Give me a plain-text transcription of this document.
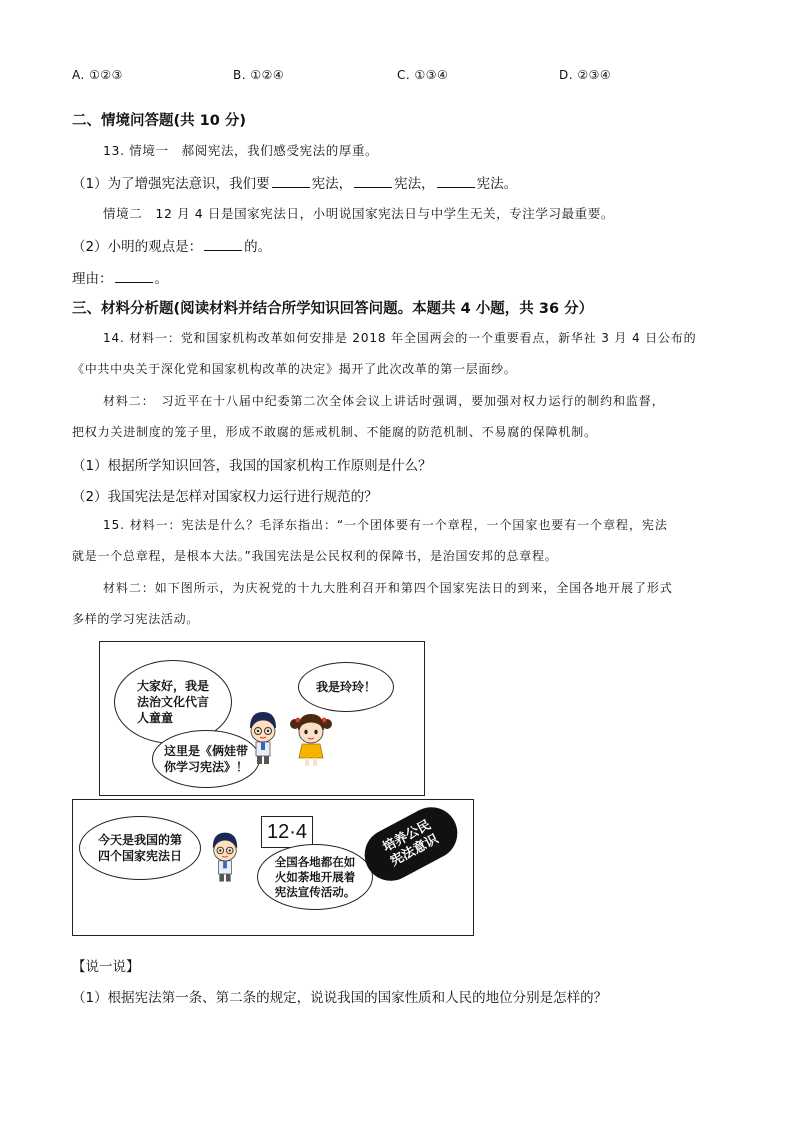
A. ①②③	B. ①②④	C. ①③④	D. ②③④
二、情境问答题(共 10 分)
13. 情境一　郝阅宪法，我们感受宪法的厚重。
（1）为了增强宪法意识，我们要	宪法，	宪法，	宪法。
情境二　12 月 4 日是国家宪法日，小明说国家宪法日与中学生无关，专注学习最重要。
（2）小明的观点是：	的。
理由：	。
三、材料分析题(阅读材料并结合所学知识回答问题。本题共 4 小题，共 36 分）
14. 材料一：党和国家机构改革如何安排是 2018 年全国两会的一个重要看点，新华社 3 月 4 日公布的
《中共中央关于深化党和国家机构改革的决定》揭开了此次改革的第一层面纱。
材料二：　习近平在十八届中纪委第二次全体会议上讲话时强调，要加强对权力运行的制约和监督，
把权力关进制度的笼子里，形成不敢腐的惩戒机制、不能腐的防范机制、不易腐的保障机制。
（1）根据所学知识回答，我国的国家机构工作原则是什么？
（2）我国宪法是怎样对国家权力运行进行规范的？
15. 材料一：宪法是什么？毛泽东指出：“一个团体要有一个章程，一个国家也要有一个章程，宪法
就是一个总章程，是根本大法。”我国宪法是公民权利的保障书，是治国安邦的总章程。
材料二：如下图所示，为庆祝党的十九大胜利召开和第四个国家宪法日的到来，全国各地开展了形式
多样的学习宪法活动。
大家好，我是
法治文化代言
人童童
我是玲玲！
这里是《俩娃带
你学习宪法》！
今天是我国的第
四个国家宪法日
12·4
全国各地都在如
火如荼地开展着
宪法宣传活动。
培养公民
宪法意识
【说一说】
（1）根据宪法第一条、第二条的规定，说说我国的国家性质和人民的地位分别是怎样的？
